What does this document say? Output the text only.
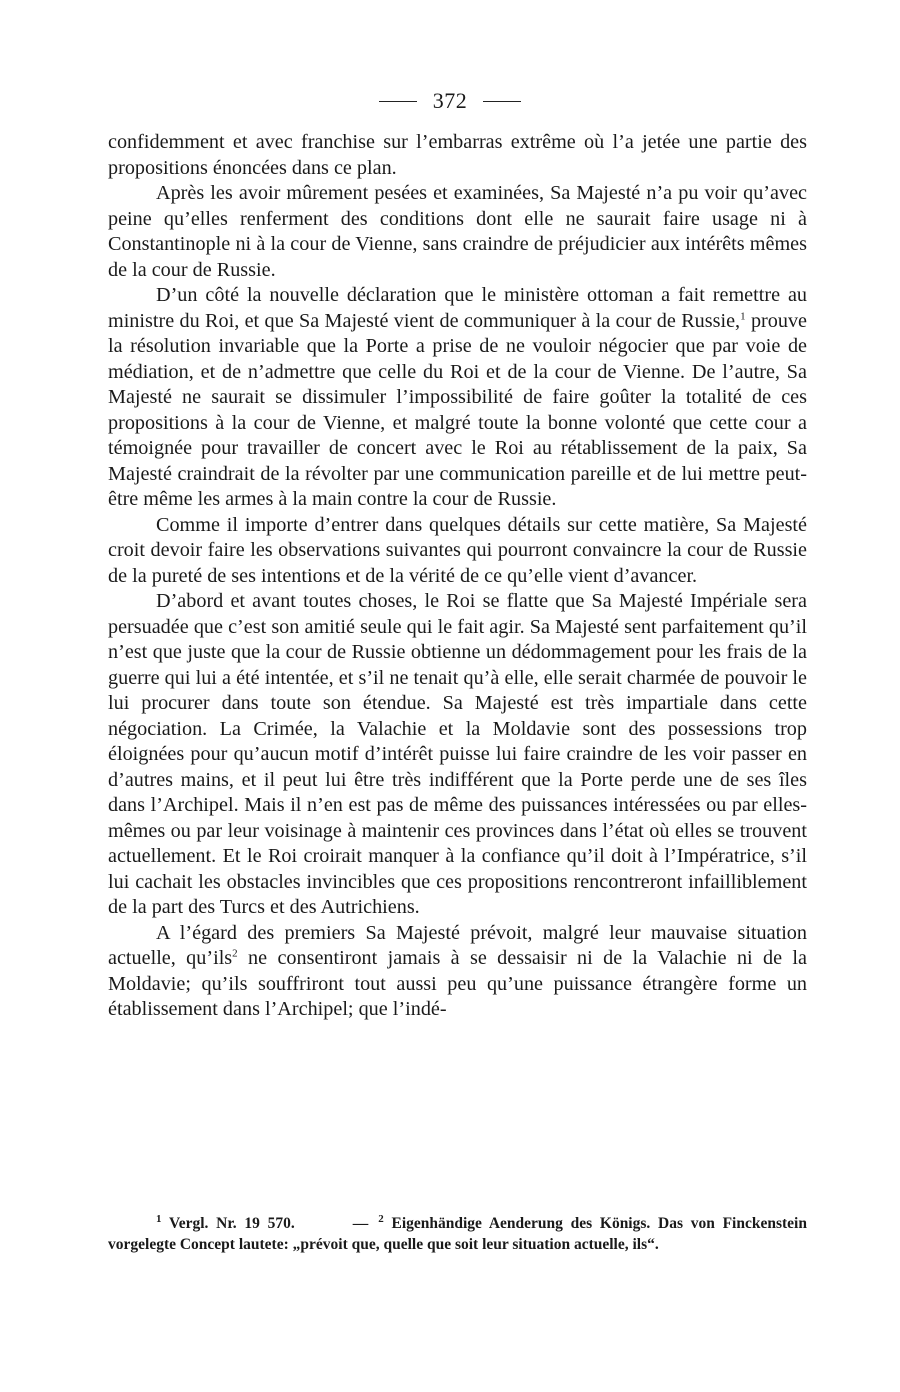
372

confidemment et avec franchise sur l’embarras extrême où l’a jetée une partie des propositions énoncées dans ce plan.

Après les avoir mûrement pesées et examinées, Sa Majesté n’a pu voir qu’avec peine qu’elles renferment des conditions dont elle ne saurait faire usage ni à Constantinople ni à la cour de Vienne, sans craindre de préjudicier aux intérêts mêmes de la cour de Russie.

D’un côté la nouvelle déclaration que le ministère ottoman a fait remettre au ministre du Roi, et que Sa Majesté vient de communiquer à la cour de Russie,$^1$ prouve la résolution invariable que la Porte a prise de ne vouloir négocier que par voie de médiation, et de n’admettre que celle du Roi et de la cour de Vienne. De l’autre, Sa Majesté ne saurait se dissimuler l’impossibilité de faire goûter la totalité de ces propositions à la cour de Vienne, et malgré toute la bonne volonté que cette cour a témoignée pour travailler de concert avec le Roi au rétablissement de la paix, Sa Majesté craindrait de la révolter par une communication pareille et de lui mettre peut-être même les armes à la main contre la cour de Russie.

Comme il importe d’entrer dans quelques détails sur cette matière, Sa Majesté croit devoir faire les observations suivantes qui pourront convaincre la cour de Russie de la pureté de ses intentions et de la vérité de ce qu’elle vient d’avancer.

D’abord et avant toutes choses, le Roi se flatte que Sa Majesté Impériale sera persuadée que c’est son amitié seule qui le fait agir. Sa Majesté sent parfaitement qu’il n’est que juste que la cour de Russie obtienne un dédommagement pour les frais de la guerre qui lui a été intentée, et s’il ne tenait qu’à elle, elle serait charmée de pouvoir le lui procurer dans toute son étendue. Sa Majesté est très impartiale dans cette négociation. La Crimée, la Valachie et la Moldavie sont des possessions trop éloignées pour qu’aucun motif d’intérêt puisse lui faire craindre de les voir passer en d’autres mains, et il peut lui être très indifférent que la Porte perde une de ses îles dans l’Archipel. Mais il n’en est pas de même des puissances intéressées ou par elles-mêmes ou par leur voisinage à maintenir ces provinces dans l’état où elles se trouvent actuellement. Et le Roi croirait manquer à la confiance qu’il doit à l’Impératrice, s’il lui cachait les obstacles invincibles que ces propositions rencontreront infailliblement de la part des Turcs et des Autrichiens.

A l’égard des premiers Sa Majesté prévoit, malgré leur mauvaise situation actuelle, qu’ils$^2$ ne consentiront jamais à se dessaisir ni de la Valachie ni de la Moldavie; qu’ils souffriront tout aussi peu qu’une puissance étrangère forme un établissement dans l’Archipel; que l’indé-

$^1$ Vergl. Nr. 19 570.	— $^2$ Eigenhändige Aenderung des Königs. Das von Finckenstein vorgelegte Concept lautete: „prévoit que, quelle que soit leur situation actuelle, ils“.
